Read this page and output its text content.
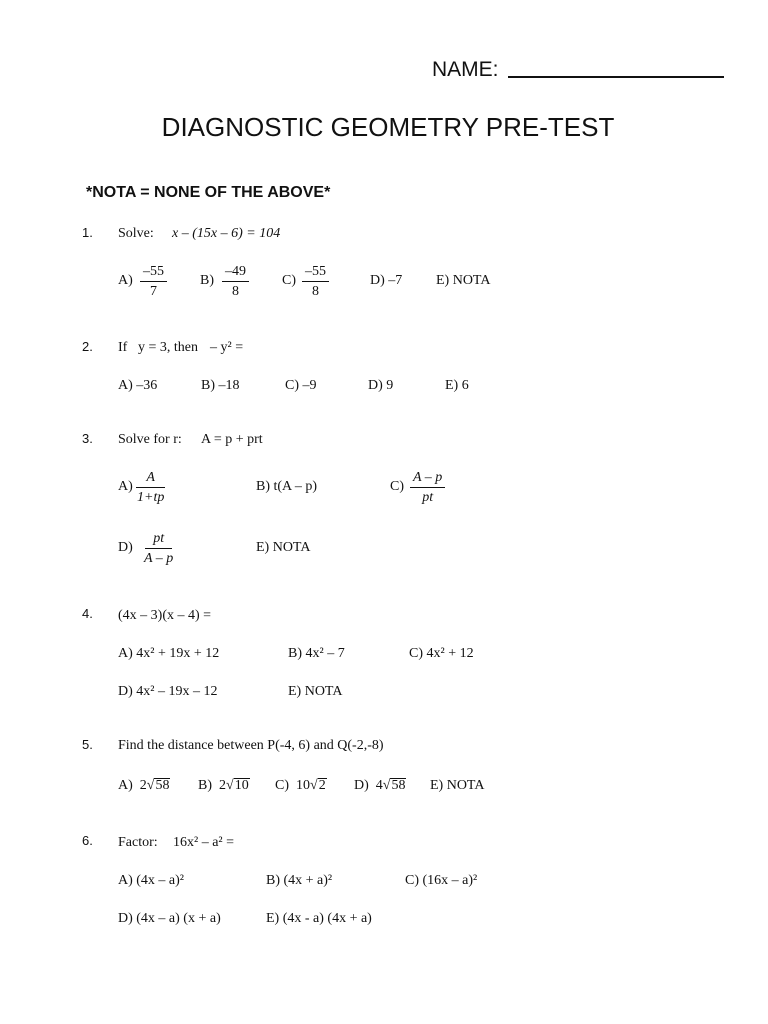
NAME:
DIAGNOSTIC GEOMETRY PRE-TEST
*NOTA = NONE OF THE ABOVE*
1. Solve: x – (15x – 6) = 104
$A) \frac{-55}{7} B) \frac{-49}{8} C) \frac{-55}{8}$	D) –7 E) NOTA
2. If y = 3, then – y² =
A) –36	B) –18	C) –9	D) 9	E) 6
3. Solve for r: A = p + prt
$A) \frac{A}{1+tp}$	B) t(A – p)	$C) \frac{A - p}{pt}$
$D) \frac{pt}{A - p}$	E) NOTA
4. (4x – 3)(x – 4) =
A) 4x² + 19x + 12	B) 4x² – 7	C) 4x² + 12
D) 4x² – 19x – 12	E) NOTA
5. Find the distance between P(-4, 6) and Q(-2,-8)
A) 2√58 B) 2√10 C) 10√2 D) 4√58 E) NOTA
6. Factor: 16x² – a² =
A) (4x – a)²	B) (4x + a)²	C) (16x – a)²
D) (4x – a) (x + a)	E) (4x - a) (4x + a)
